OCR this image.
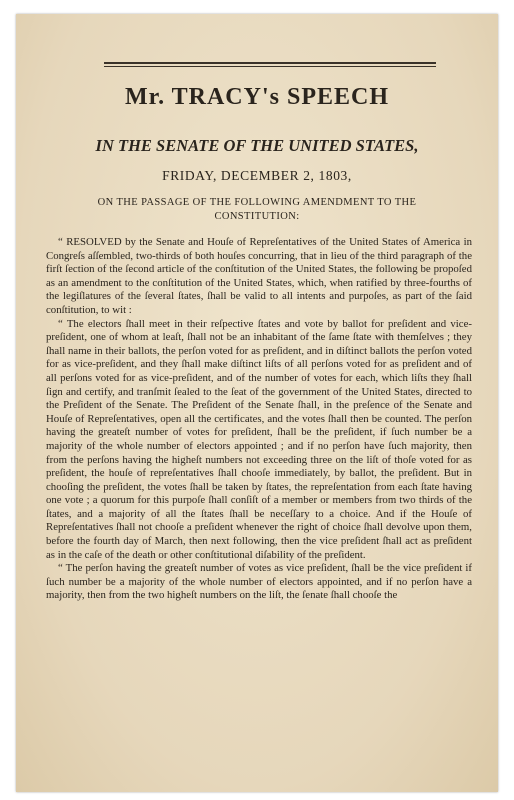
Mr. TRACY's SPEECH
IN THE SENATE OF THE UNITED STATES,
FRIDAY, DECEMBER 2, 1803,
ON THE PASSAGE OF THE FOLLOWING AMENDMENT TO THE CONSTITUTION:

“ RESOLVED by the Senate and Houſe of Repreſentatives of the United States of America in Congreſs aſſembled, two-thirds of both houſes concurring, that in lieu of the third paragraph of the firſt ſection of the ſecond article of the conſtitution of the United States, the following be propoſed as an amendment to the conſtitution of the United States, which, when ratified by three-fourths of the legiſlatures of the ſeveral ſtates, ſhall be valid to all intents and purpoſes, as part of the ſaid conſtitution, to wit :

“ The electors ſhall meet in their reſpective ſtates and vote by ballot for preſident and vice-preſident, one of whom at leaſt, ſhall not be an inhabitant of the ſame ſtate with themſelves ; they ſhall name in their ballots, the perſon voted for as preſident, and in diſtinct ballots the perſon voted for as vice-preſident, and they ſhall make diſtinct liſts of all perſons voted for as preſident and of all perſons voted for as vice-preſident, and of the number of votes for each, which liſts they ſhall ſign and certify, and tranſmit ſealed to the ſeat of the government of the United States, directed to the Preſident of the Senate. The Preſident of the Senate ſhall, in the preſence of the Senate and Houſe of Repreſentatives, open all the certificates, and the votes ſhall then be counted. The perſon having the greateſt number of votes for preſident, ſhall be the preſident, if ſuch number be a majority of the whole number of electors appointed ; and if no perſon have ſuch majority, then from the perſons having the higheſt numbers not exceeding three on the liſt of thoſe voted for as preſident, the houſe of repreſentatives ſhall chooſe immediately, by ballot, the preſident. But in chooſing the preſident, the votes ſhall be taken by ſtates, the repreſentation from each ſtate having one vote ; a quorum for this purpoſe ſhall conſiſt of a member or members from two thirds of the ſtates, and a majority of all the ſtates ſhall be neceſſary to a choice. And if the Houſe of Repreſentatives ſhall not chooſe a preſident whenever the right of choice ſhall devolve upon them, before the fourth day of March, then next following, then the vice preſident ſhall act as preſident as in the caſe of the death or other conſtitutional diſability of the preſident.

“ The perſon having the greateſt number of votes as vice preſident, ſhall be the vice preſident if ſuch number be a majority of the whole number of electors appointed, and if no perſon have a majority, then from the two higheſt numbers on the liſt, the ſenate ſhall chooſe the
